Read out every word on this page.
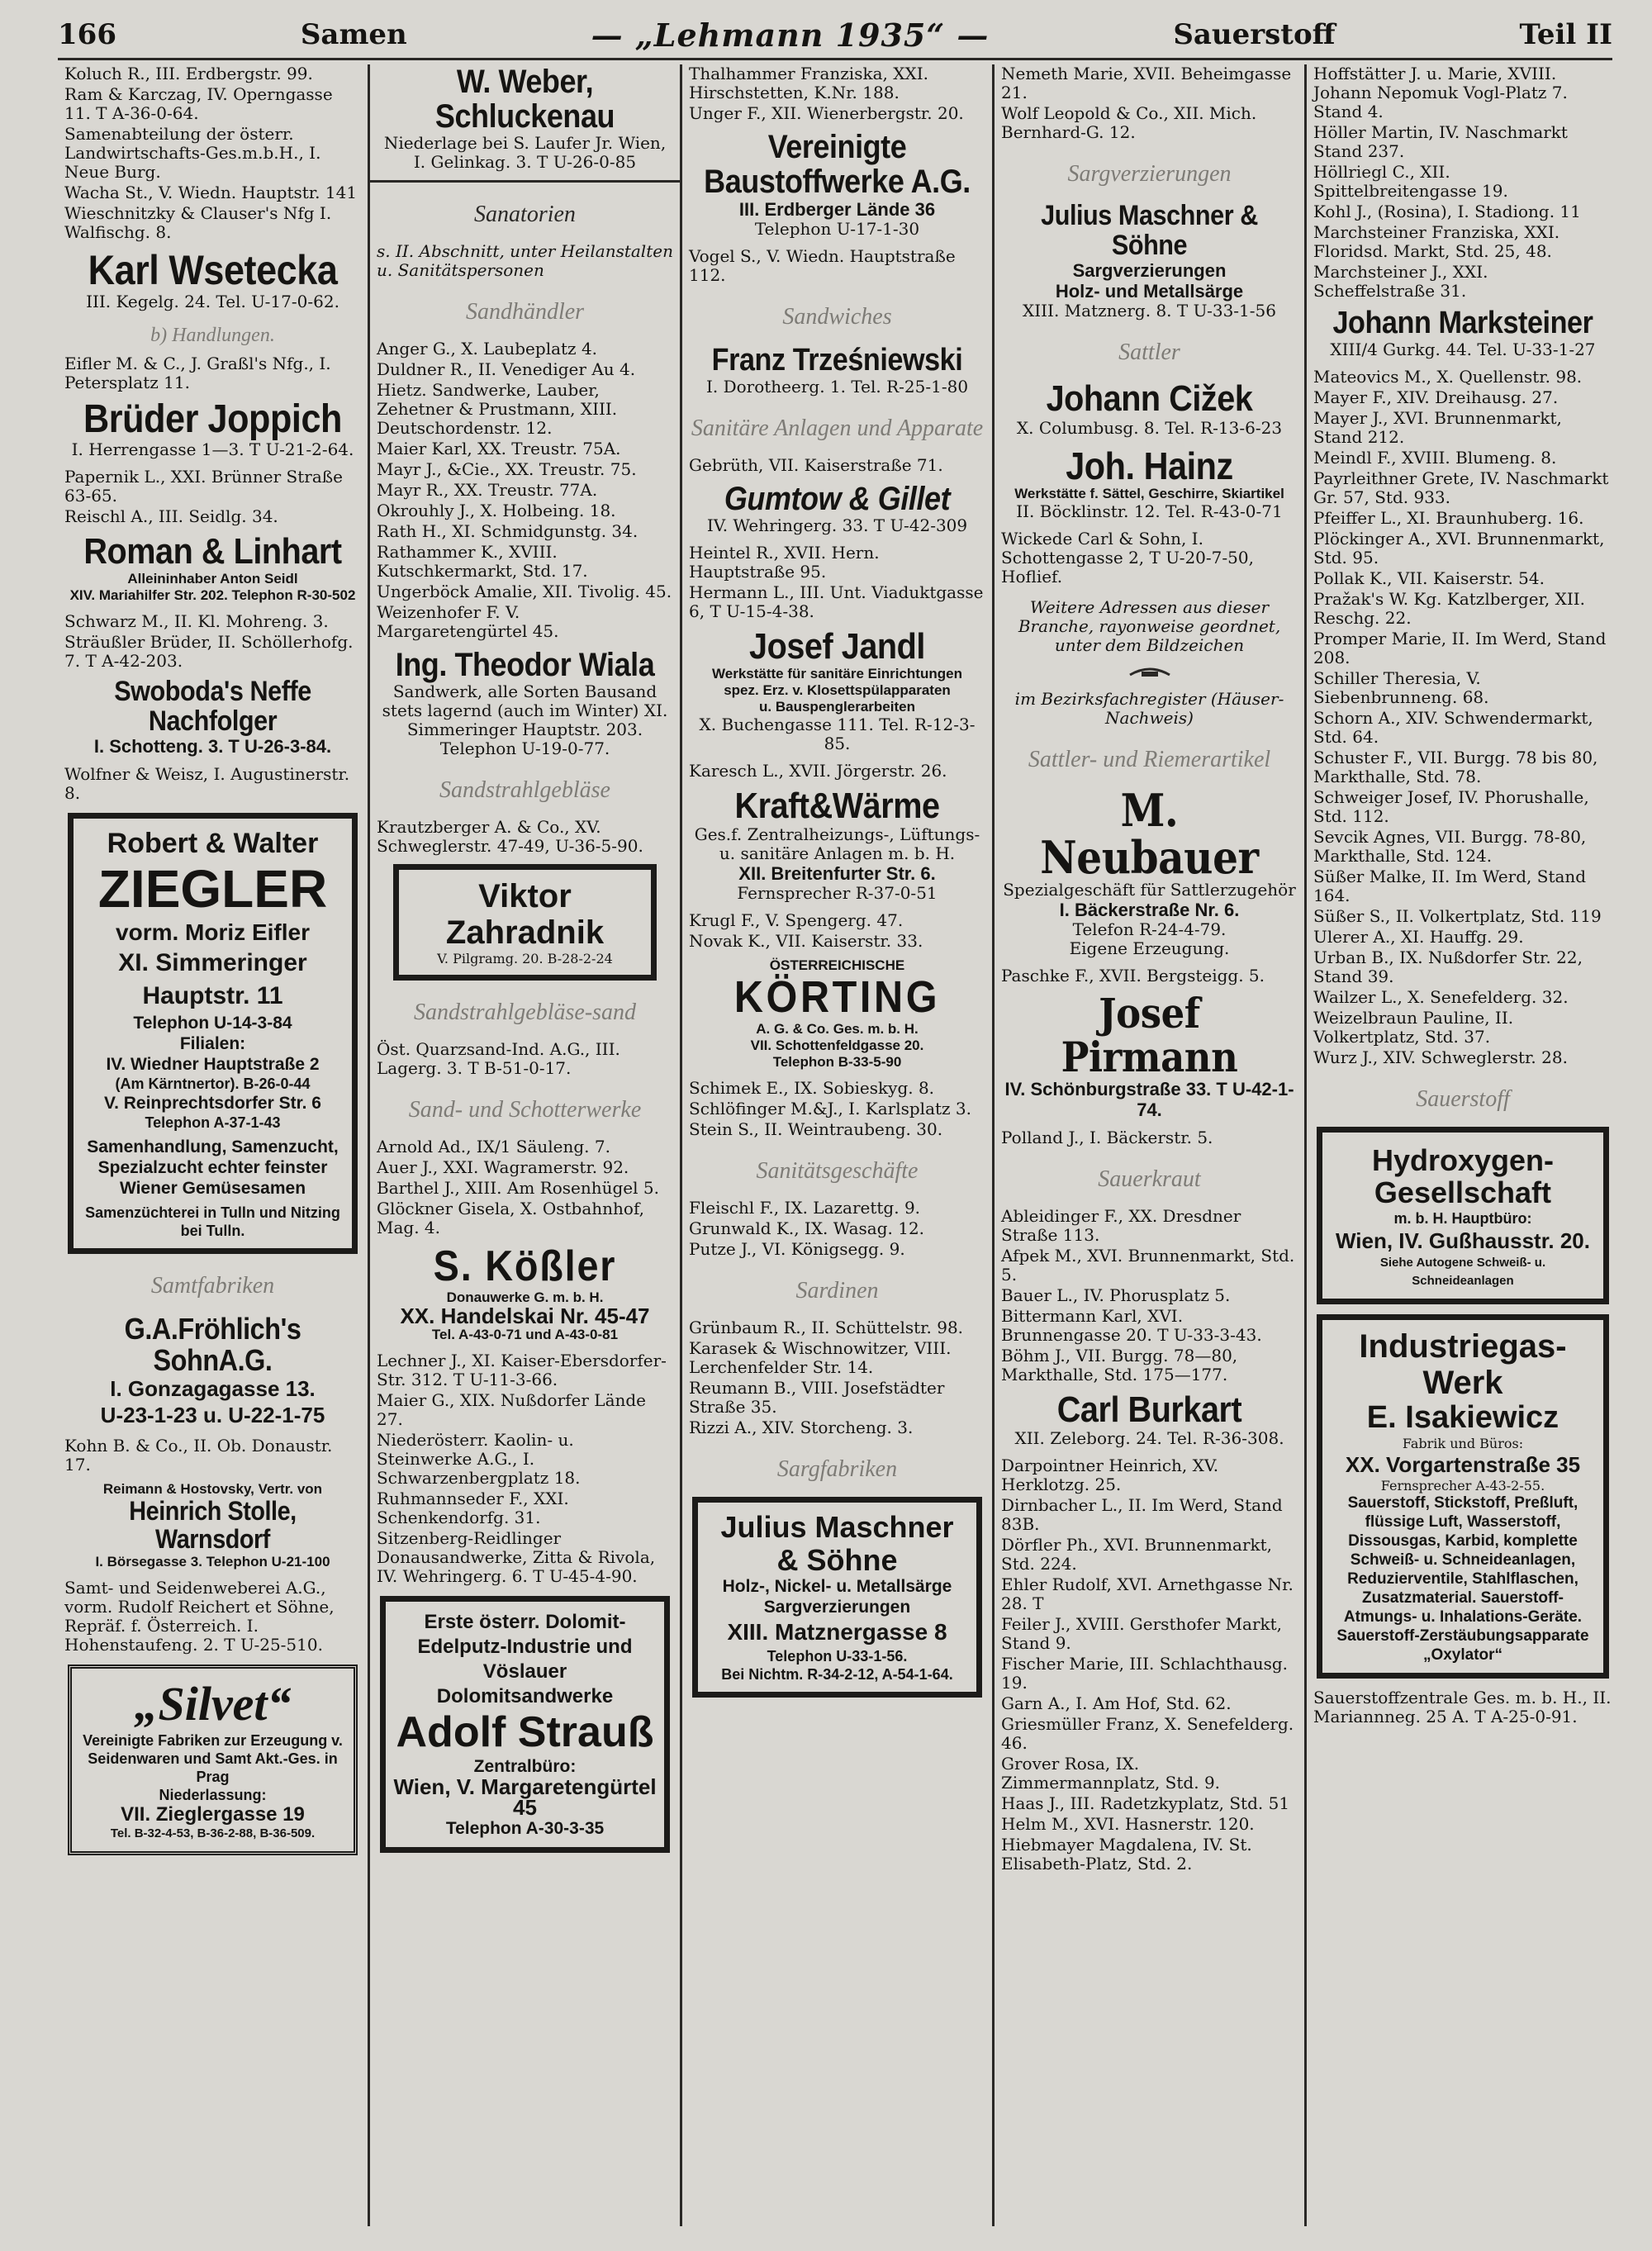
166	Samen	— „Lehmann 1935“ —	Sauerstoff	Teil II
Koluch R., III. Erdbergstr. 99.
Ram & Karczag, IV. Operngasse 11. T A-36-0-64.
Samenabteilung der österr. Landwirtschafts-Ges.m.b.H., I. Neue Burg.
Wacha St., V. Wiedn. Hauptstr. 141
Wieschnitzky & Clauser's Nfg I. Walfischg. 8.
Karl Wsetecka
III. Kegelg. 24. Tel. U-17-0-62.
b) Handlungen.
Eifler M. & C., J. Graßl's Nfg., I. Petersplatz 11.
Brüder Joppich
I. Herrengasse 1—3. T U-21-2-64.
Papernik L., XXI. Brünner Straße 63-65.
Reischl A., III. Seidlg. 34.
Roman & Linhart
Alleininhaber Anton Seidl
XIV. Mariahilfer Str. 202. Telephon R-30-502
Schwarz M., II. Kl. Mohreng. 3.
Sträußler Brüder, II. Schöllerhofg. 7. T A-42-203.
Swoboda's Neffe Nachfolger
I. Schotteng. 3. T U-26-3-84.
Wolfner & Weisz, I. Augustinerstr. 8.
Robert & Walter
ZIEGLER
vorm. Moriz Eifler
XI. Simmeringer Hauptstr. 11
Telephon U-14-3-84
Filialen:
IV. Wiedner Hauptstraße 2
(Am Kärntnertor). B-26-0-44
V. Reinprechtsdorfer Str. 6
Telephon A-37-1-43
Samenhandlung, Samenzucht, Spezialzucht echter feinster Wiener Gemüsesamen
Samenzüchterei in Tulln und Nitzing bei Tulln.
Samtfabriken
G.A.Fröhlich's SohnA.G.
I. Gonzagagasse 13.
U-23-1-23 u. U-22-1-75
Kohn B. & Co., II. Ob. Donaustr. 17.
Reimann & Hostovsky, Vertr. von
Heinrich Stolle, Warnsdorf
I. Börsegasse 3. Telephon U-21-100
Samt- und Seidenweberei A.G., vorm. Rudolf Reichert et Söhne, Repräf. f. Österreich. I. Hohenstaufeng. 2. T U-25-510.
„Silvet“
Vereinigte Fabriken zur Erzeugung v. Seidenwaren und Samt Akt.-Ges. in Prag
Niederlassung:
VII. Zieglergasse 19
Tel. B-32-4-53, B-36-2-88, B-36-509.
W. Weber, Schluckenau
Niederlage bei S. Laufer Jr. Wien, I. Gelinkag. 3. T U-26-0-85
Sanatorien
s. II. Abschnitt, unter Heilanstalten u. Sanitätspersonen
Sandhändler
Anger G., X. Laubeplatz 4.
Duldner R., II. Venediger Au 4.
Hietz. Sandwerke, Lauber, Zehetner & Prustmann, XIII. Deutschordenstr. 12.
Maier Karl, XX. Treustr. 75A.
Mayr J., &Cie., XX. Treustr. 75.
Mayr R., XX. Treustr. 77A.
Okrouhly J., X. Holbeing. 18.
Rath H., XI. Schmidgunstg. 34.
Rathammer K., XVIII. Kutschkermarkt, Std. 17.
Ungerböck Amalie, XII. Tivolig. 45.
Weizenhofer F. V. Margaretengürtel 45.
Ing. Theodor Wiala
Sandwerk, alle Sorten Bausand stets lagernd (auch im Winter) XI. Simmeringer Hauptstr. 203. Telephon U-19-0-77.
Sandstrahlgebläse
Krautzberger A. & Co., XV. Schweglerstr. 47-49, U-36-5-90.
Viktor Zahradnik
V. Pilgramg. 20. B-28-2-24
Sandstrahlgebläse-sand
Öst. Quarzsand-Ind. A.G., III. Lagerg. 3. T B-51-0-17.
Sand- und Schotterwerke
Arnold Ad., IX/1 Säuleng. 7.
Auer J., XXI. Wagramerstr. 92.
Barthel J., XIII. Am Rosenhügel 5.
Glöckner Gisela, X. Ostbahnhof, Mag. 4.
S. Kößler
Donauwerke G. m. b. H.
XX. Handelskai Nr. 45-47
Tel. A-43-0-71 und A-43-0-81
Lechner J., XI. Kaiser-Ebersdorfer-Str. 312. T U-11-3-66.
Maier G., XIX. Nußdorfer Lände 27.
Niederösterr. Kaolin- u. Steinwerke A.G., I. Schwarzenbergplatz 18.
Ruhmannseder F., XXI. Schenkendorfg. 31.
Sitzenberg-Reidlinger Donausandwerke, Zitta & Rivola, IV. Wehringerg. 6. T U-45-4-90.
Erste österr. Dolomit-
Edelputz-Industrie und
Vöslauer Dolomitsandwerke
Adolf Strauß
Zentralbüro:
Wien, V. Margaretengürtel 45
Telephon A-30-3-35
Thalhammer Franziska, XXI. Hirschstetten, K.Nr. 188.
Unger F., XII. Wienerbergstr. 20.
Vereinigte Baustoffwerke A.G.
III. Erdberger Lände 36
Telephon U-17-1-30
Vogel S., V. Wiedn. Hauptstraße 112.
Sandwiches
Franz Trześniewski
I. Dorotheerg. 1. Tel. R-25-1-80
Sanitäre Anlagen und Apparate
Gebrüth, VII. Kaiserstraße 71.
Gumtow & Gillet
IV. Wehringerg. 33. T U-42-309
Heintel R., XVII. Hern. Hauptstraße 95.
Hermann L., III. Unt. Viaduktgasse 6, T U-15-4-38.
Josef Jandl
Werkstätte für sanitäre Einrichtungen
spez. Erz. v. Klosettspülapparaten
u. Bauspenglerarbeiten
X. Buchengasse 111. Tel. R-12-3-85.
Karesch L., XVII. Jörgerstr. 26.
Kraft&Wärme
Ges.f. Zentralheizungs-, Lüftungs- u. sanitäre Anlagen m. b. H.
XII. Breitenfurter Str. 6.
Fernsprecher R-37-0-51
Krugl F., V. Spengerg. 47.
Novak K., VII. Kaiserstr. 33.
ÖSTERREICHISCHE
KÖRTING
A. G. & Co. Ges. m. b. H.
VII. Schottenfeldgasse 20.
Telephon B-33-5-90
Schimek E., IX. Sobieskyg. 8.
Schlöfinger M.&J., I. Karlsplatz 3.
Stein S., II. Weintraubeng. 30.
Sanitätsgeschäfte
Fleischl F., IX. Lazarettg. 9.
Grunwald K., IX. Wasag. 12.
Putze J., VI. Königsegg. 9.
Sardinen
Grünbaum R., II. Schüttelstr. 98.
Karasek & Wischnowitzer, VIII. Lerchenfelder Str. 14.
Reumann B., VIII. Josefstädter Straße 35.
Rizzi A., XIV. Storcheng. 3.
Sargfabriken
Julius Maschner
& Söhne
Holz-, Nickel- u. Metallsärge
Sargverzierungen
XIII. Matznergasse 8
Telephon U-33-1-56.
Bei Nichtm. R-34-2-12, A-54-1-64.
Nemeth Marie, XVII. Beheimgasse 21.
Wolf Leopold & Co., XII. Mich. Bernhard-G. 12.
Sargverzierungen
Julius Maschner & Söhne
Sargverzierungen
Holz- und Metallsärge
XIII. Matznerg. 8. T U-33-1-56
Sattler
Johann Cižek
X. Columbusg. 8. Tel. R-13-6-23
Joh. Hainz
Werkstätte f. Sättel, Geschirre, Skiartikel
II. Böcklinstr. 12. Tel. R-43-0-71
Wickede Carl & Sohn, I. Schottengasse 2, T U-20-7-50, Hoflief.
Weitere Adressen aus dieser Branche, rayonweise geordnet, unter dem Bildzeichen
im Bezirksfachregister (Häuser-Nachweis)
Sattler- und Riemerartikel
M. Neubauer
Spezialgeschäft für Sattlerzugehör
I. Bäckerstraße Nr. 6.
Telefon R-24-4-79.
Eigene Erzeugung.
Paschke F., XVII. Bergsteigg. 5.
Josef Pirmann
IV. Schönburgstraße 33. T U-42-1-74.
Polland J., I. Bäckerstr. 5.
Sauerkraut
Ableidinger F., XX. Dresdner Straße 113.
Afpek M., XVI. Brunnenmarkt, Std. 5.
Bauer L., IV. Phorusplatz 5.
Bittermann Karl, XVI. Brunnengasse 20. T U-33-3-43.
Böhm J., VII. Burgg. 78—80, Markthalle, Std. 175—177.
Carl Burkart
XII. Zeleborg. 24. Tel. R-36-308.
Darpointner Heinrich, XV. Herklotzg. 25.
Dirnbacher L., II. Im Werd, Stand 83B.
Dörfler Ph., XVI. Brunnenmarkt, Std. 224.
Ehler Rudolf, XVI. Arnethgasse Nr. 28. T
Feiler J., XVIII. Gersthofer Markt, Stand 9.
Fischer Marie, III. Schlachthausg. 19.
Garn A., I. Am Hof, Std. 62.
Griesmüller Franz, X. Senefelderg. 46.
Grover Rosa, IX. Zimmermannplatz, Std. 9.
Haas J., III. Radetzkyplatz, Std. 51
Helm M., XVI. Hasnerstr. 120.
Hiebmayer Magdalena, IV. St. Elisabeth-Platz, Std. 2.
Hoffstätter J. u. Marie, XVIII. Johann Nepomuk Vogl-Platz 7. Stand 4.
Höller Martin, IV. Naschmarkt Stand 237.
Höllriegl C., XII. Spittelbreitengasse 19.
Kohl J., (Rosina), I. Stadiong. 11
Marchsteiner Franziska, XXI. Floridsd. Markt, Std. 25, 48.
Marchsteiner J., XXI. Scheffelstraße 31.
Johann Marksteiner
XIII/4 Gurkg. 44. Tel. U-33-1-27
Mateovics M., X. Quellenstr. 98.
Mayer F., XIV. Dreihausg. 27.
Mayer J., XVI. Brunnenmarkt, Stand 212.
Meindl F., XVIII. Blumeng. 8.
Payrleithner Grete, IV. Naschmarkt Gr. 57, Std. 933.
Pfeiffer L., XI. Braunhuberg. 16.
Plöckinger A., XVI. Brunnenmarkt, Std. 95.
Pollak K., VII. Kaiserstr. 54.
Pražak's W. Kg. Katzlberger, XII. Reschg. 22.
Promper Marie, II. Im Werd, Stand 208.
Schiller Theresia, V. Siebenbrunneng. 68.
Schorn A., XIV. Schwendermarkt, Std. 64.
Schuster F., VII. Burgg. 78 bis 80, Markthalle, Std. 78.
Schweiger Josef, IV. Phorushalle, Std. 112.
Sevcik Agnes, VII. Burgg. 78-80, Markthalle, Std. 124.
Süßer Malke, II. Im Werd, Stand 164.
Süßer S., II. Volkertplatz, Std. 119
Ulerer A., XI. Hauffg. 29.
Urban B., IX. Nußdorfer Str. 22, Stand 39.
Wailzer L., X. Senefelderg. 32.
Weizelbraun Pauline, II. Volkertplatz, Std. 37.
Wurz J., XIV. Schweglerstr. 28.
Sauerstoff
Hydroxygen-Gesellschaft
m. b. H. Hauptbüro:
Wien, IV. Gußhausstr. 20.
Siehe Autogene Schweiß- u. Schneideanlagen
Industriegas-Werk
E. Isakiewicz
Fabrik und Büros:
XX. Vorgartenstraße 35
Fernsprecher A-43-2-55.
Sauerstoff, Stickstoff, Preßluft, flüssige Luft, Wasserstoff, Dissousgas, Karbid, komplette Schweiß- u. Schneideanlagen, Reduzierventile, Stahlflaschen, Zusatzmaterial. Sauerstoff-Atmungs- u. Inhalations-Geräte. Sauerstoff-Zerstäubungsapparate „Oxylator“
Sauerstoffzentrale Ges. m. b. H., II. Mariannneg. 25 A. T A-25-0-91.
